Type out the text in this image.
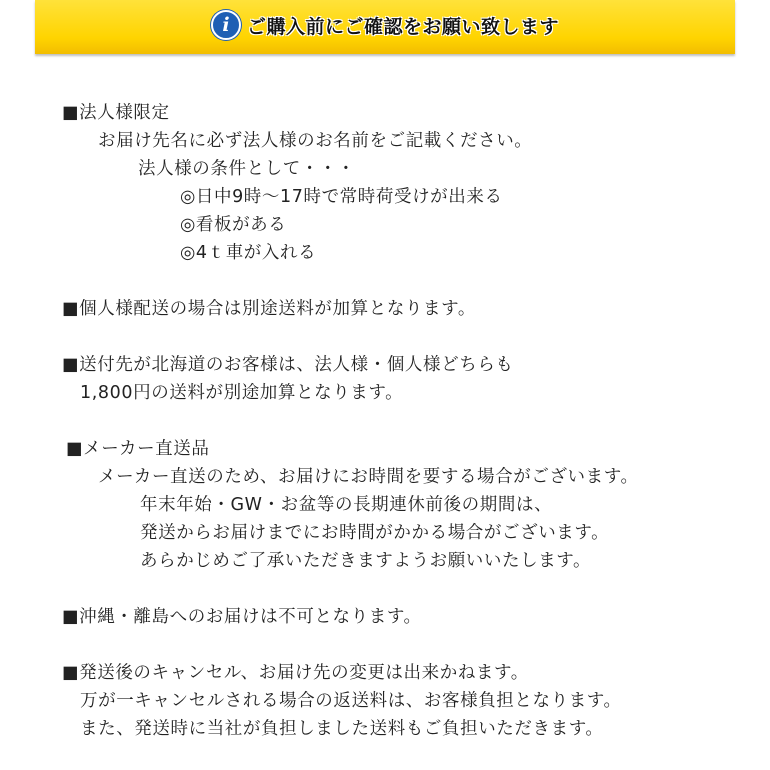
i ご購入前にご確認をお願い致します

■法人様限定

お届け先名に必ず法人様のお名前をご記載ください。

法人様の条件として・・・

◎日中9時～17時で常時荷受けが出来る

◎看板がある

◎4ｔ車が入れる

■個人様配送の場合は別途送料が加算となります。

■送付先が北海道のお客様は、法人様・個人様どちらも

1,800円の送料が別途加算となります。

■メーカー直送品

メーカー直送のため、お届けにお時間を要する場合がございます。

年末年始・GW・お盆等の長期連休前後の期間は、

発送からお届けまでにお時間がかかる場合がございます。

あらかじめご了承いただきますようお願いいたします。

■沖縄・離島へのお届けは不可となります。

■発送後のキャンセル、お届け先の変更は出来かねます。

万が一キャンセルされる場合の返送料は、お客様負担となります。

また、発送時に当社が負担しました送料もご負担いただきます。
